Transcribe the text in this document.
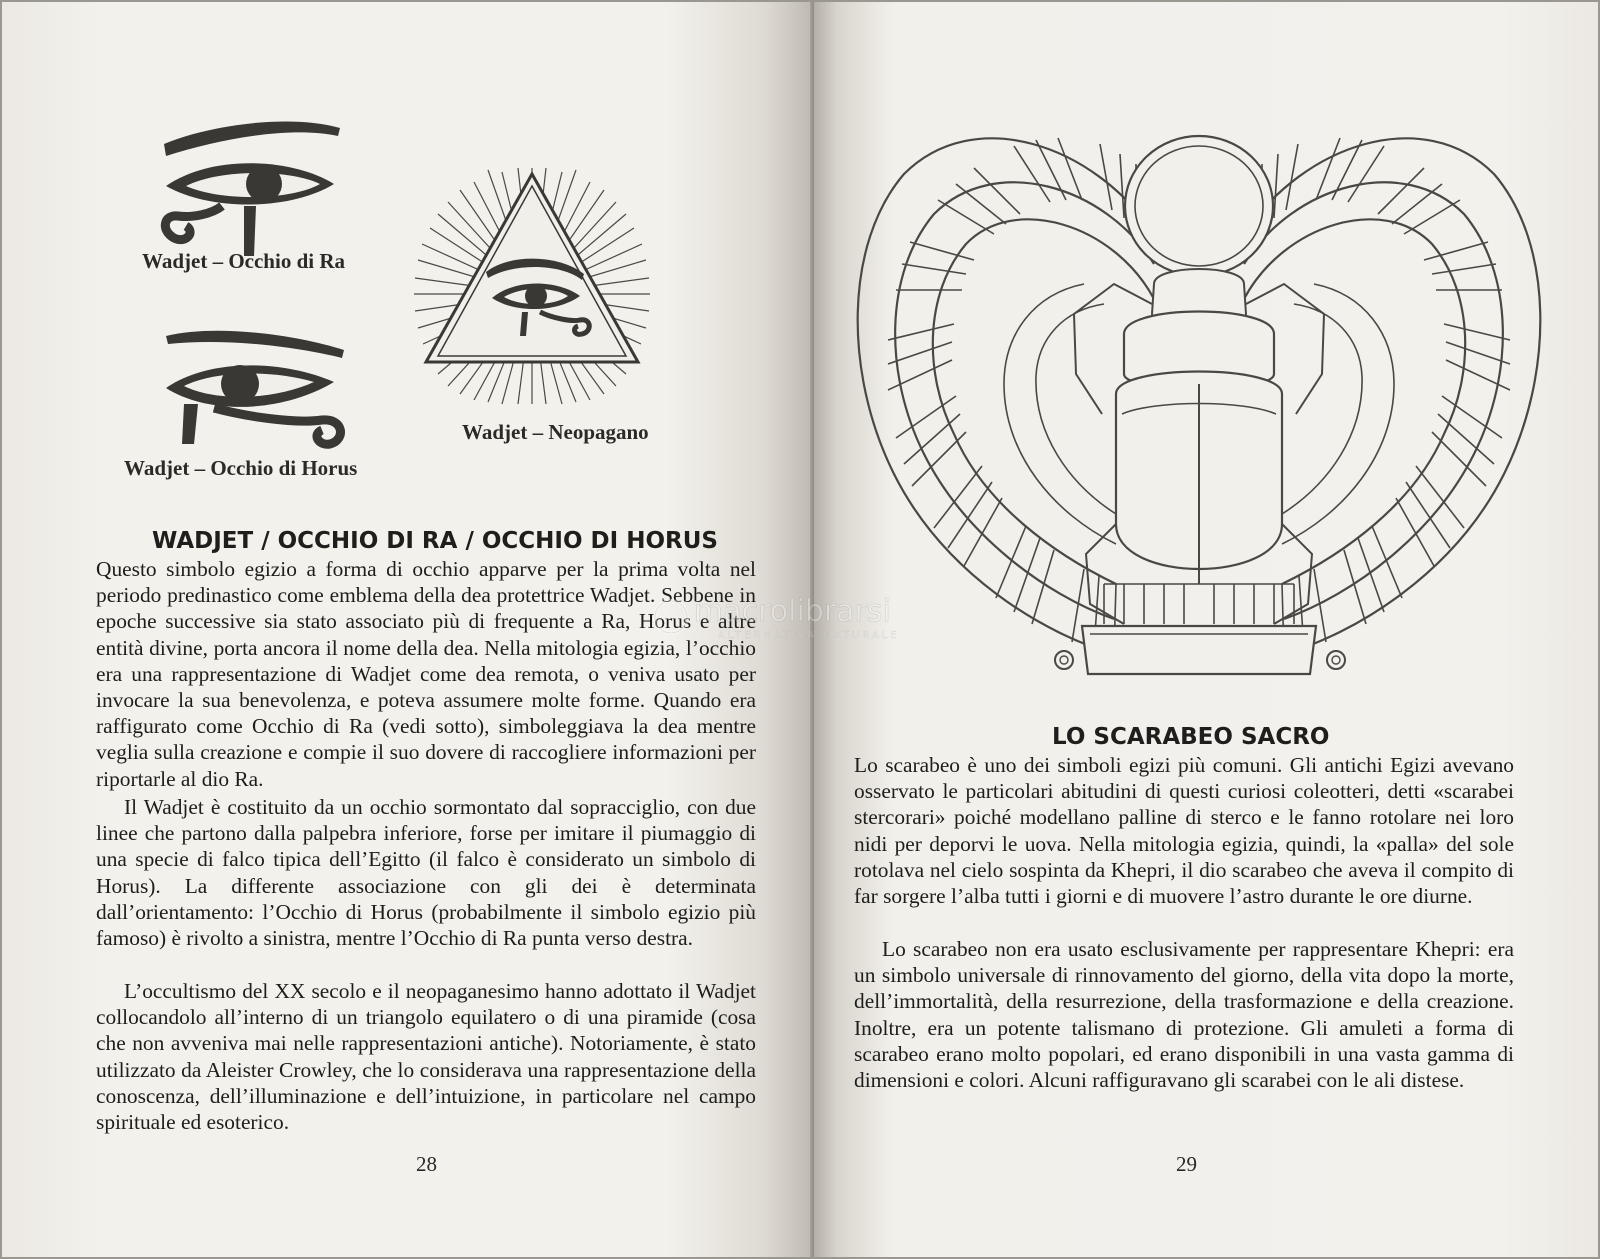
Wadjet – Occhio di Ra
Wadjet – Occhio di Horus
Wadjet – Neopagano
WADJET / OCCHIO DI RA / OCCHIO DI HORUS

Questo simbolo egizio a forma di occhio apparve per la prima volta nel periodo predinastico come emblema della dea protettrice Wadjet. Sebbene in epoche successive sia stato associato più di frequente a Ra, Horus e altre entità divine, porta ancora il nome della dea. Nella mitologia egizia, l’occhio era una rappresentazione di Wadjet come dea remota, o veniva usato per invocare la sua benevolenza, e poteva assumere molte forme. Quando era raffigurato come Occhio di Ra (vedi sotto), simboleggiava la dea mentre veglia sulla creazione e compie il suo dovere di raccogliere informazioni per riportarle al dio Ra.

Il Wadjet è costituito da un occhio sormontato dal sopracciglio, con due linee che partono dalla palpebra inferiore, forse per imitare il piumaggio di una specie di falco tipica dell’Egitto (il falco è considerato un simbolo di Horus). La differente associazione con gli dei è determinata dall’orientamento: l’Occhio di Horus (probabilmente il simbolo egizio più famoso) è rivolto a sinistra, mentre l’Occhio di Ra punta verso destra.

L’occultismo del XX secolo e il neopaganesimo hanno adottato il Wadjet collocandolo all’interno di un triangolo equilatero o di una piramide (cosa che non avveniva mai nelle rappresentazioni antiche). Notoriamente, è stato utilizzato da Aleister Crowley, che lo considerava una rappresentazione della conoscenza, dell’illuminazione e dell’intuizione, in particolare nel campo spirituale ed esoterico.

28
LO SCARABEO SACRO

Lo scarabeo è uno dei simboli egizi più comuni. Gli antichi Egizi avevano osservato le particolari abitudini di questi curiosi coleotteri, detti «scarabei stercorari» poiché modellano palline di sterco e le fanno rotolare nei loro nidi per deporvi le uova. Nella mitologia egizia, quindi, la «palla» del sole rotolava nel cielo sospinta da Khepri, il dio scarabeo che aveva il compito di far sorgere l’alba tutti i giorni e di muovere l’astro durante le ore diurne.

Lo scarabeo non era usato esclusivamente per rappresentare Khepri: era un simbolo universale di rinnovamento del giorno, della vita dopo la morte, dell’immortalità, della resurrezione, della trasformazione e della creazione. Inoltre, era un potente talismano di protezione. Gli amuleti a forma di scarabeo erano molto popolari, ed erano disponibili in una vasta gamma di dimensioni e colori. Alcuni raffiguravano gli scarabei con le ali distese.

29
macrolibrarsi
ALTERNATIVA NATURALE
